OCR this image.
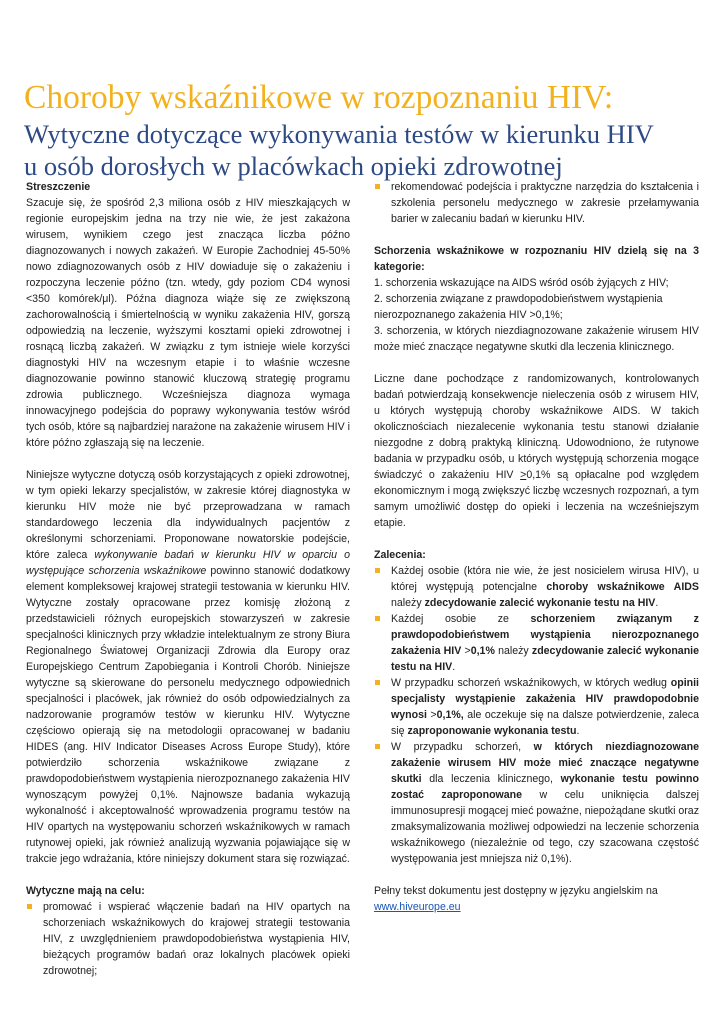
Choroby wskaźnikowe w rozpoznaniu HIV:
Wytyczne dotyczące wykonywania testów w kierunku HIV
u osób dorosłych w placówkach opieki zdrowotnej

Streszczenie

Szacuje się, że spośród 2,3 miliona osób z HIV mieszkających w regionie europejskim jedna na trzy nie wie, że jest zakażona wirusem, wynikiem czego jest znacząca liczba późno diagnozowanych i nowych zakażeń. W Europie Zachodniej 45-50% nowo zdiagnozowanych osób z HIV dowiaduje się o zakażeniu i rozpoczyna leczenie późno (tzn. wtedy, gdy poziom CD4 wynosi <350 komórek/μl). Późna diagnoza wiąże się ze zwiększoną zachorowalnością i śmiertelnością w wyniku zakażenia HIV, gorszą odpowiedzią na leczenie, wyższymi kosztami opieki zdrowotnej i rosnącą liczbą zakażeń. W związku z tym istnieje wiele korzyści diagnostyki HIV na wczesnym etapie i to właśnie wczesne diagnozowanie powinno stanowić kluczową strategię programu zdrowia publicznego. Wcześniejsza diagnoza wymaga innowacyjnego podejścia do poprawy wykonywania testów wśród tych osób, które są najbardziej narażone na zakażenie wirusem HIV i które późno zgłaszają się na leczenie.

Niniejsze wytyczne dotyczą osób korzystających z opieki zdrowotnej, w tym opieki lekarzy specjalistów, w zakresie której diagnostyka w kierunku HIV może nie być przeprowadzana w ramach standardowego leczenia dla indywidualnych pacjentów z określonymi schorzeniami. Proponowane nowatorskie podejście, które zaleca wykonywanie badań w kierunku HIV w oparciu o występujące schorzenia wskaźnikowe powinno stanowić dodatkowy element kompleksowej krajowej strategii testowania w kierunku HIV. Wytyczne zostały opracowane przez komisję złożoną z przedstawicieli różnych europejskich stowarzyszeń w zakresie specjalności klinicznych przy wkładzie intelektualnym ze strony Biura Regionalnego Światowej Organizacji Zdrowia dla Europy oraz Europejskiego Centrum Zapobiegania i Kontroli Chorób. Niniejsze wytyczne są skierowane do personelu medycznego odpowiednich specjalności i placówek, jak również do osób odpowiedzialnych za nadzorowanie programów testów w kierunku HIV. Wytyczne częściowo opierają się na metodologii opracowanej w badaniu HIDES (ang. HIV Indicator Diseases Across Europe Study), które potwierdziło schorzenia wskaźnikowe związane z prawdopodobieństwem wystąpienia nierozpoznanego zakażenia HIV wynoszącym powyżej 0,1%. Najnowsze badania wykazują wykonalność i akceptowalność wprowadzenia programu testów na HIV opartych na występowaniu schorzeń wskaźnikowych w ramach rutynowej opieki, jak również analizują wyzwania pojawiające się w trakcie jego wdrażania, które niniejszy dokument stara się rozwiązać.

Wytyczne mają na celu:

promować i wspierać włączenie badań na HIV opartych na schorzeniach wskaźnikowych do krajowej strategii testowania HIV, z uwzględnieniem prawdopodobieństwa wystąpienia HIV, bieżących programów badań oraz lokalnych placówek opieki zdrowotnej;
rekomendować podejścia i praktyczne narzędzia do kształcenia i szkolenia personelu medycznego w zakresie przełamywania barier w zalecaniu badań w kierunku HIV.

Schorzenia wskaźnikowe w rozpoznaniu HIV dzielą się na 3 kategorie:

1. schorzenia wskazujące na AIDS wśród osób żyjących z HIV;

2. schorzenia związane z prawdopodobieństwem wystąpienia
nierozpoznanego zakażenia HIV >0,1%;

3. schorzenia, w których niezdiagnozowane zakażenie wirusem HIV może mieć znaczące negatywne skutki dla leczenia klinicznego.

Liczne dane pochodzące z randomizowanych, kontrolowanych badań potwierdzają konsekwencje nieleczenia osób z wirusem HIV, u których występują choroby wskaźnikowe AIDS. W takich okolicznościach niezalecenie wykonania testu stanowi działanie niezgodne z dobrą praktyką kliniczną. Udowodniono, że rutynowe badania w przypadku osób, u których występują schorzenia mogące świadczyć o zakażeniu HIV >0,1% są opłacalne pod względem ekonomicznym i mogą zwiększyć liczbę wczesnych rozpoznań, a tym samym umożliwić dostęp do opieki i leczenia na wcześniejszym etapie.

Zalecenia:

Każdej osobie (która nie wie, że jest nosicielem wirusa HIV), u której występują potencjalne choroby wskaźnikowe AIDS należy zdecydowanie zalecić wykonanie testu na HIV.
Każdej osobie ze schorzeniem związanym z prawdopodobieństwem wystąpienia nierozpoznanego zakażenia HIV >0,1% należy zdecydowanie zalecić wykonanie testu na HIV.
W przypadku schorzeń wskaźnikowych, w których według opinii specjalisty wystąpienie zakażenia HIV prawdopodobnie wynosi >0,1%, ale oczekuje się na dalsze potwierdzenie, zaleca się zaproponowanie wykonania testu.
W przypadku schorzeń, w których niezdiagnozowane zakażenie wirusem HIV może mieć znaczące negatywne skutki dla leczenia klinicznego, wykonanie testu powinno zostać zaproponowane w celu uniknięcia dalszej immunosupresji mogącej mieć poważne, niepożądane skutki oraz zmaksymalizowania możliwej odpowiedzi na leczenie schorzenia wskaźnikowego (niezależnie od tego, czy szacowana częstość występowania jest mniejsza niż 0,1%).

Pełny tekst dokumentu jest dostępny w języku angielskim na

www.hiveurope.eu
